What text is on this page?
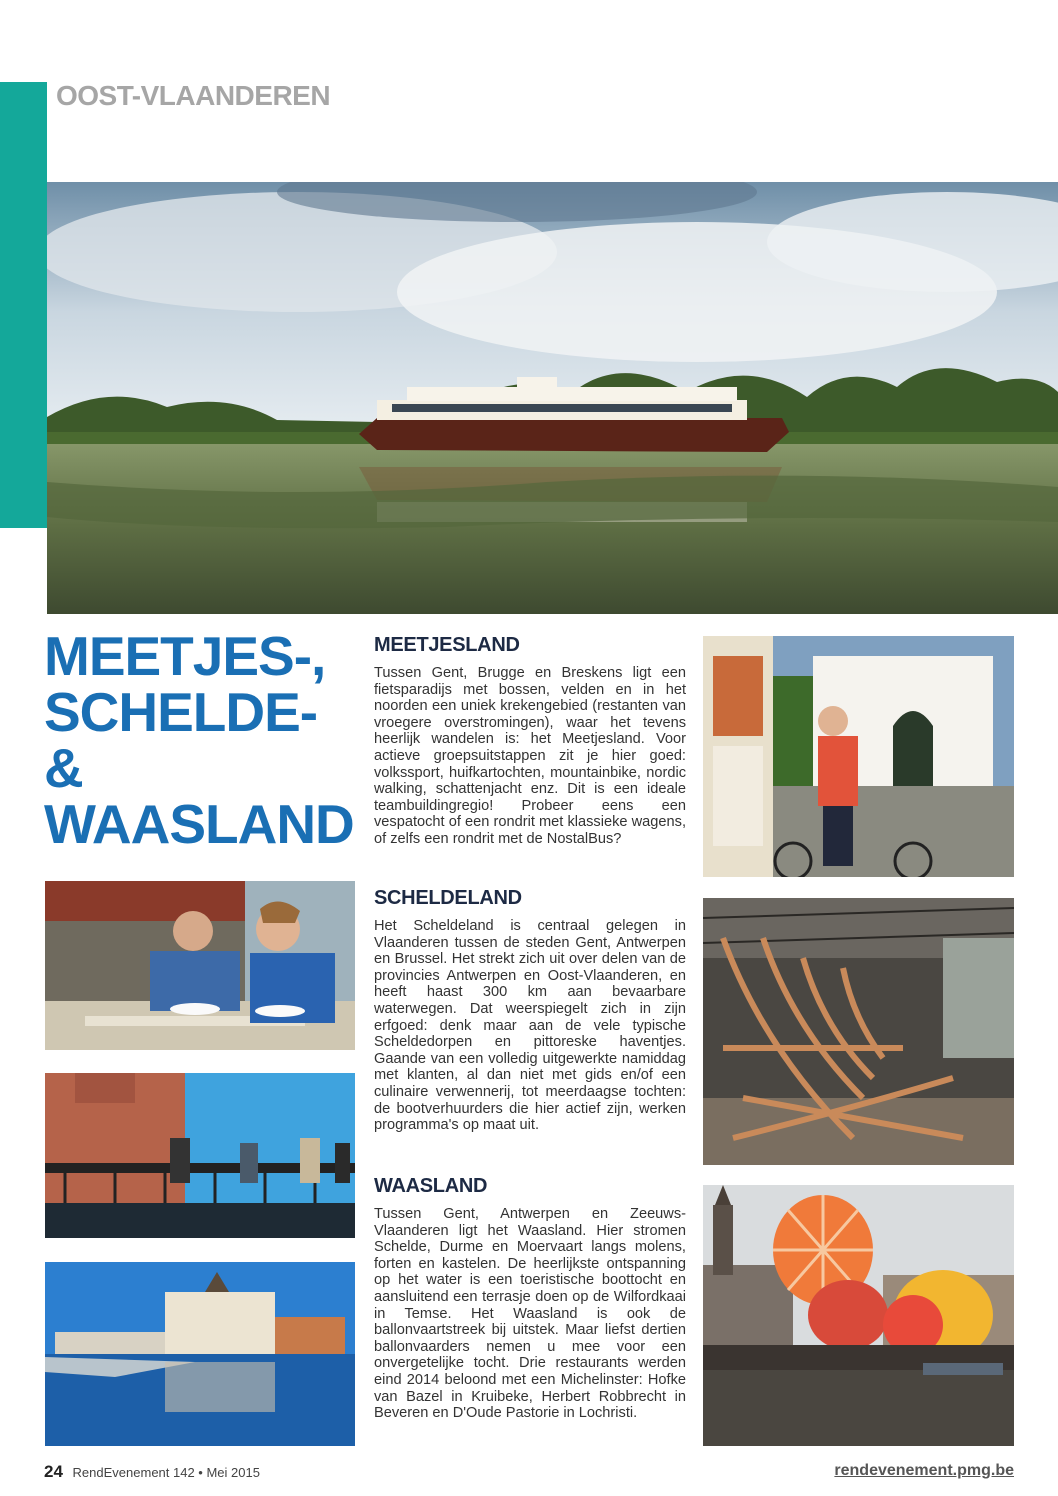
OOST-VLAANDEREN
MEETJES-,
SCHELDE- &
WAASLAND
MEETJESLAND

Tussen Gent, Brugge en Breskens ligt een fietsparadijs met bossen, velden en in het noorden een uniek krekengebied (restanten van vroegere overstromingen), waar het tevens heerlijk wandelen is: het Meetjesland. Voor actieve groepsuitstappen zit je hier goed: volkssport, huifkartochten, mountainbike, nordic walking, schattenjacht enz. Dit is een ideale teambuildingregio! Probeer eens een vespatocht of een rondrit met klassieke wagens, of zelfs een rondrit met de NostalBus?

SCHELDELAND

Het Scheldeland is centraal gelegen in Vlaanderen tussen de steden Gent, Antwerpen en Brussel. Het strekt zich uit over delen van de provincies Antwerpen en Oost-Vlaanderen, en heeft haast 300 km aan bevaarbare waterwegen. Dat weerspiegelt zich in zijn erfgoed: denk maar aan de vele typische Scheldedorpen en pittoreske haventjes. Gaande van een volledig uitgewerkte namiddag met klanten, al dan niet met gids en/of een culinaire verwennerij, tot meerdaagse tochten: de bootverhuurders die hier actief zijn, werken programma's op maat uit.

WAASLAND

Tussen Gent, Antwerpen en Zeeuws-Vlaanderen ligt het Waasland. Hier stromen Schelde, Durme en Moervaart langs molens, forten en kastelen. De heerlijkste ontspanning op het water is een toeristische boottocht en aansluitend een terrasje doen op de Wilfordkaai in Temse. Het Waasland is ook de ballonvaartstreek bij uitstek. Maar liefst dertien ballonvaarders nemen u mee voor een onvergetelijke tocht. Drie restaurants werden eind 2014 beloond met een Michelinster: Hofke van Bazel in Kruibeke, Herbert Robbrecht in Beveren en D'Oude Pastorie in Lochristi.

24 RendEvenement 142 • Mei 2015	rendevenement.pmg.be
